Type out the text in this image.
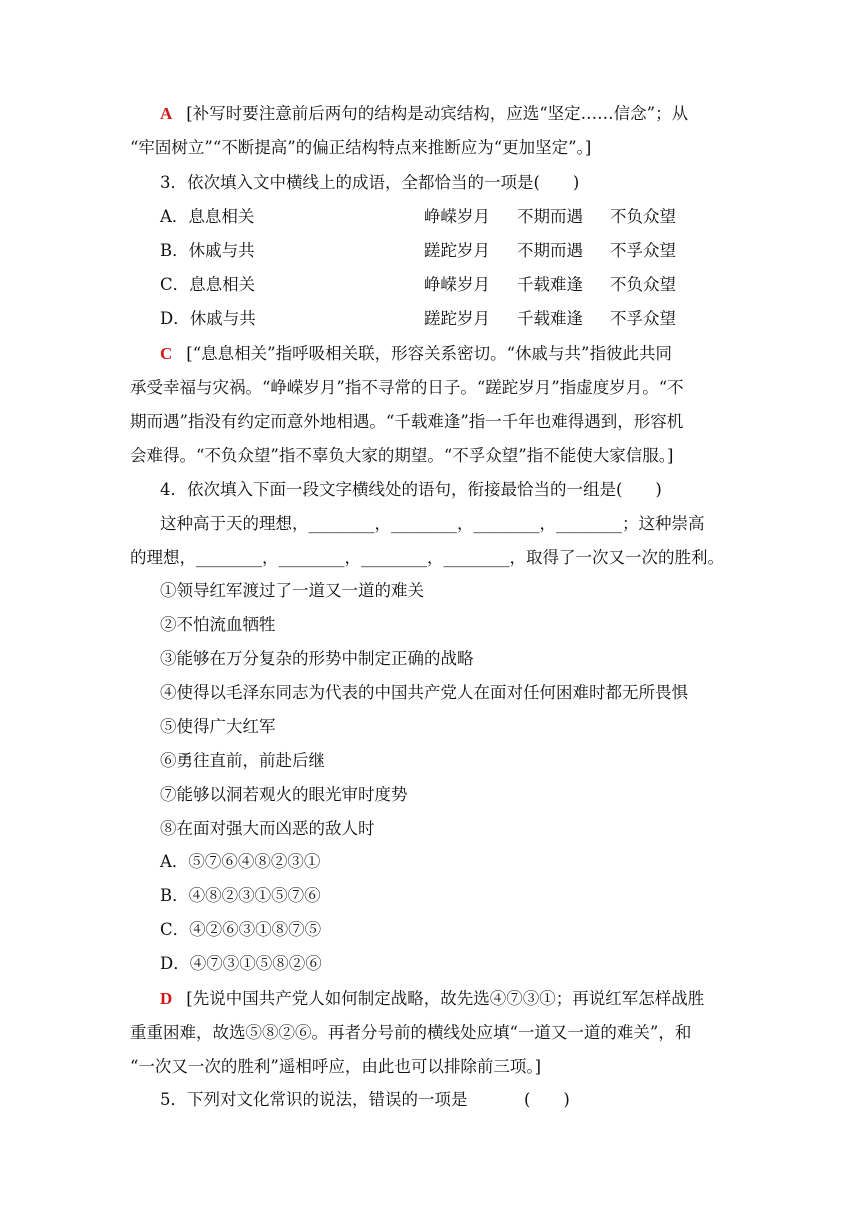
A [补写时要注意前后两句的结构是动宾结构，应选“坚定……信念”；从
“牢固树立”“不断提高”的偏正结构特点来推断应为“更加坚定”。]
3．依次填入文中横线上的成语，全都恰当的一项是(　　)
A．息息相关	峥嵘岁月 不期而遇 不负众望
B．休戚与共	蹉跎岁月 不期而遇 不孚众望
C．息息相关	峥嵘岁月 千载难逢 不负众望
D．休戚与共	蹉跎岁月 千载难逢 不孚众望
C [“息息相关”指呼吸相关联，形容关系密切。“休戚与共”指彼此共同
承受幸福与灾祸。“峥嵘岁月”指不寻常的日子。“蹉跎岁月”指虚度岁月。“不
期而遇”指没有约定而意外地相遇。“千载难逢”指一千年也难得遇到，形容机
会难得。“不负众望”指不辜负大家的期望。“不孚众望”指不能使大家信服。]
4．依次填入下面一段文字横线处的语句，衔接最恰当的一组是(　　)
这种高于天的理想，________，________，________，________；这种崇高
的理想，________，________，________，________，取得了一次又一次的胜利。
①领导红军渡过了一道又一道的难关
②不怕流血牺牲
③能够在万分复杂的形势中制定正确的战略
④使得以毛泽东同志为代表的中国共产党人在面对任何困难时都无所畏惧
⑤使得广大红军
⑥勇往直前，前赴后继
⑦能够以洞若观火的眼光审时度势
⑧在面对强大而凶恶的敌人时
A．⑤⑦⑥④⑧②③①
B．④⑧②③①⑤⑦⑥
C．④②⑥③①⑧⑦⑤
D．④⑦③①⑤⑧②⑥
D [先说中国共产党人如何制定战略，故先选④⑦③①；再说红军怎样战胜
重重困难，故选⑤⑧②⑥。再者分号前的横线处应填“一道又一道的难关”，和
“一次又一次的胜利”遥相呼应，由此也可以排除前三项。]
5．下列对文化常识的说法，错误的一项是	(　　)
